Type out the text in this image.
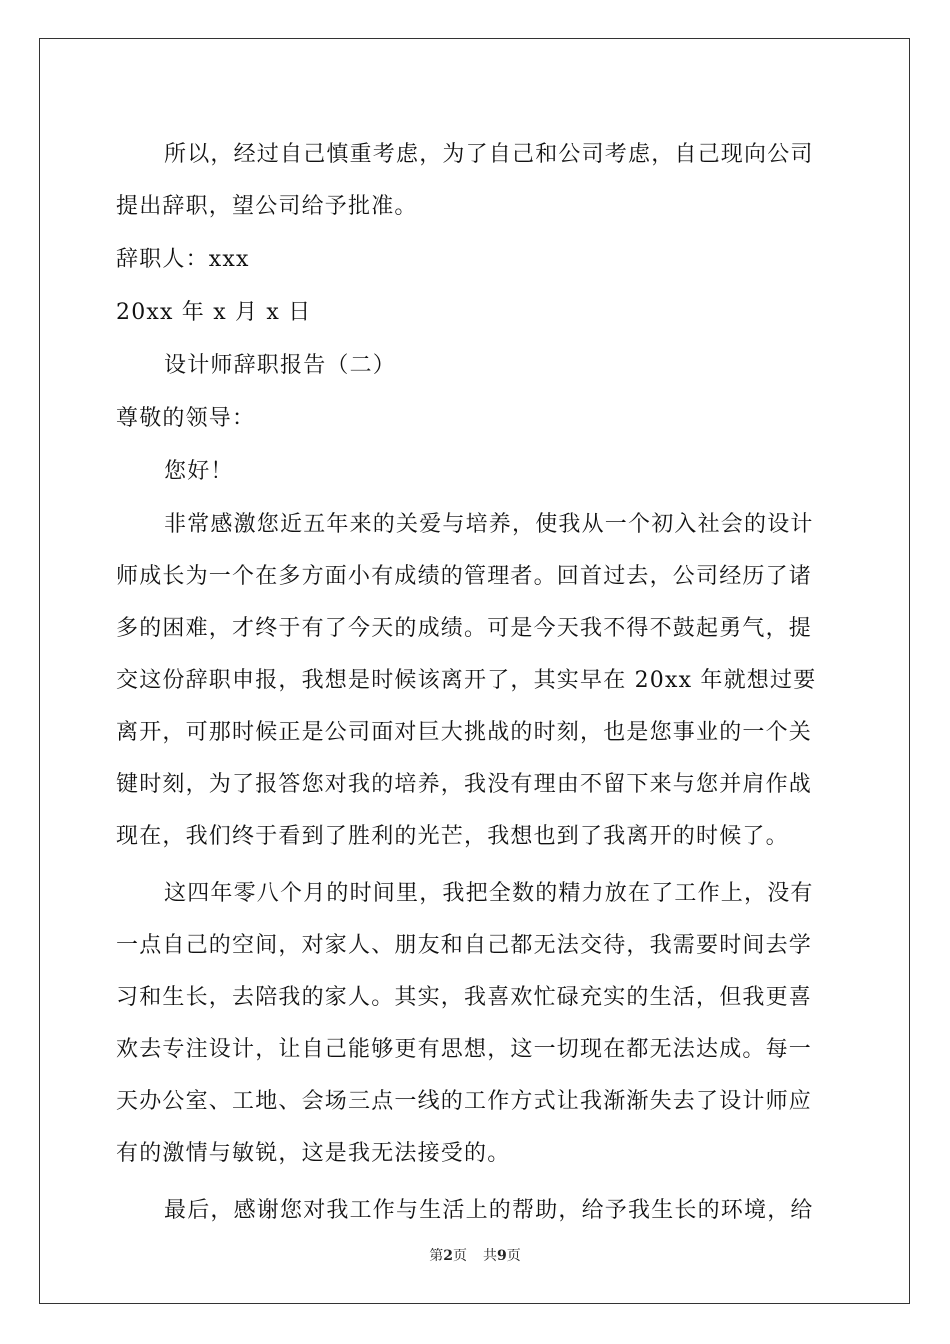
所以，经过自己慎重考虑，为了自己和公司考虑，自己现向公司
提出辞职，望公司给予批准。
辞职人：xxx
20xx 年 x 月 x 日
设计师辞职报告（二）
尊敬的领导：
您好！
非常感激您近五年来的关爱与培养，使我从一个初入社会的设计
师成长为一个在多方面小有成绩的管理者。回首过去，公司经历了诸
多的困难，才终于有了今天的成绩。可是今天我不得不鼓起勇气，提
交这份辞职申报，我想是时候该离开了，其实早在 20xx 年就想过要
离开，可那时候正是公司面对巨大挑战的时刻，也是您事业的一个关
键时刻，为了报答您对我的培养，我没有理由不留下来与您并肩作战
现在，我们终于看到了胜利的光芒，我想也到了我离开的时候了。
这四年零八个月的时间里，我把全数的精力放在了工作上，没有
一点自己的空间，对家人、朋友和自己都无法交待，我需要时间去学
习和生长，去陪我的家人。其实，我喜欢忙碌充实的生活，但我更喜
欢去专注设计，让自己能够更有思想，这一切现在都无法达成。每一
天办公室、工地、会场三点一线的工作方式让我渐渐失去了设计师应
有的激情与敏锐，这是我无法接受的。
最后，感谢您对我工作与生活上的帮助，给予我生长的环境，给
第2页 共9页
